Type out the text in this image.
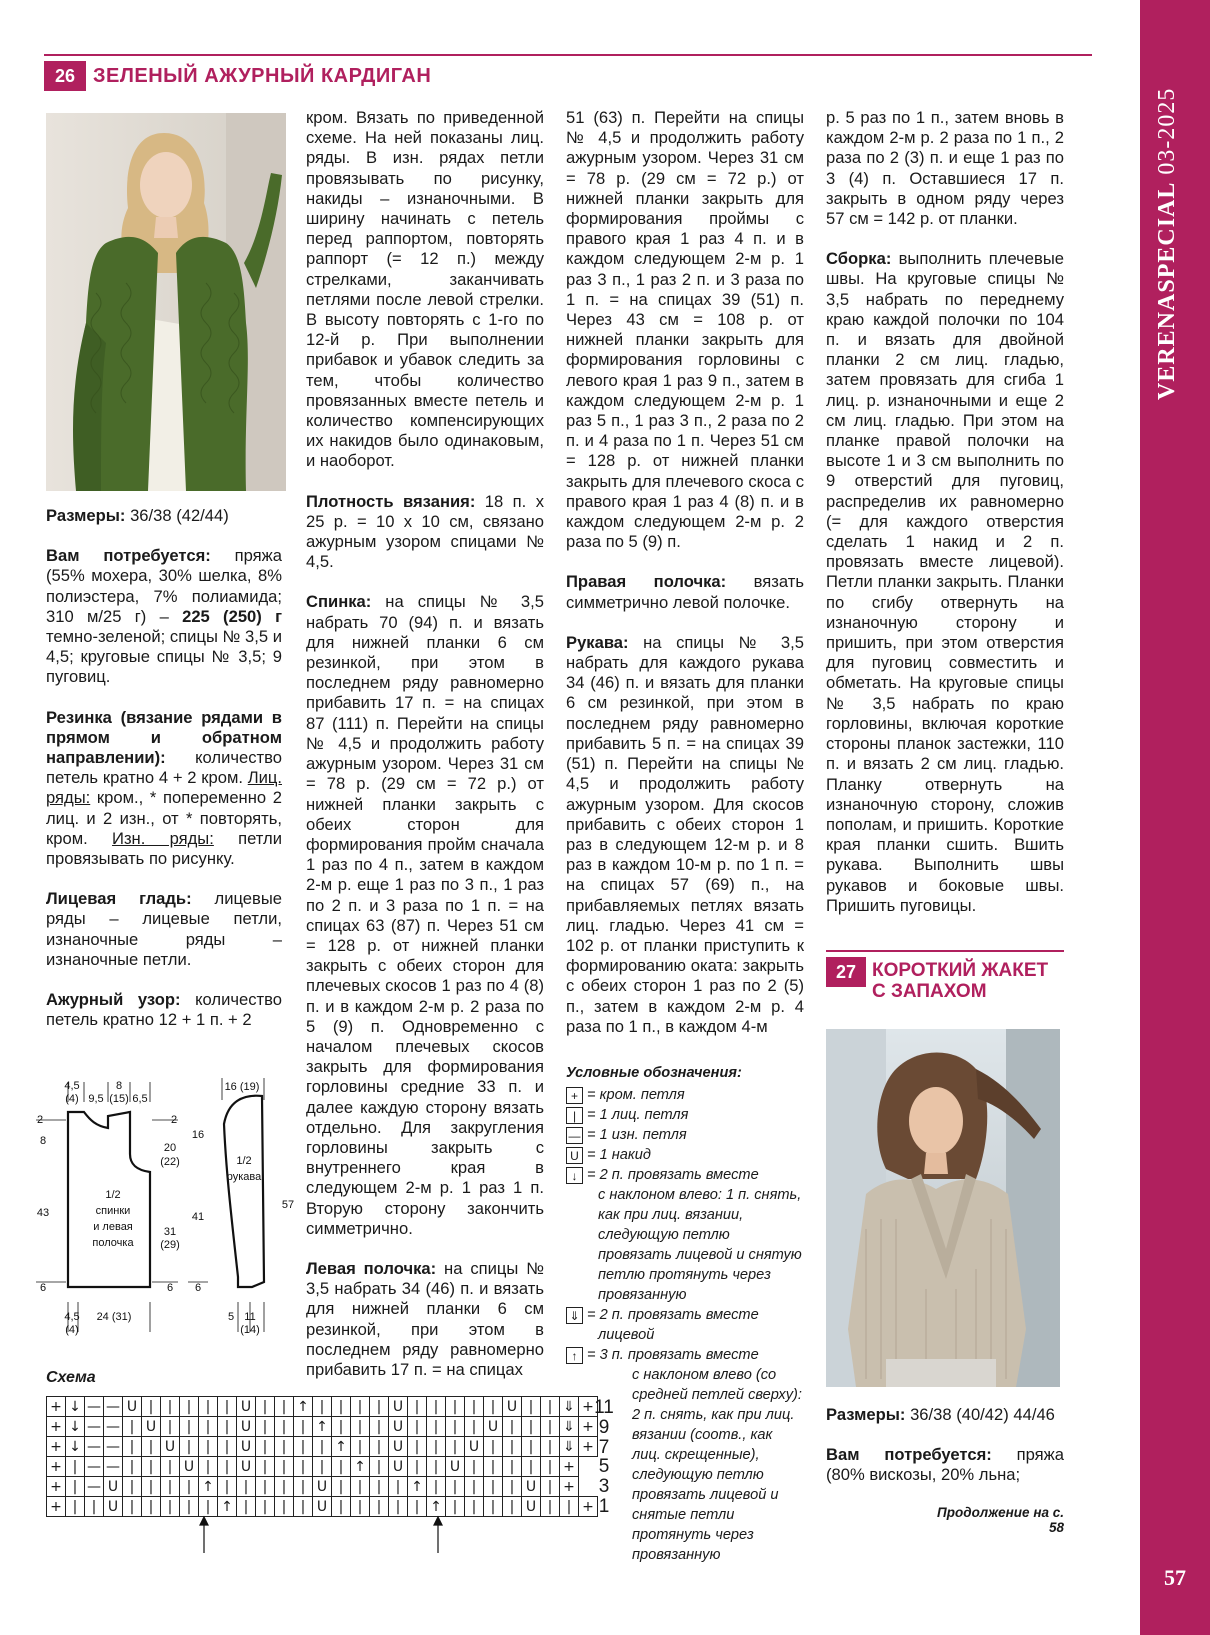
VERENASPECIAL 03-2025
57
26 ЗЕЛЕНЫЙ АЖУРНЫЙ КАРДИГАН

Размеры: 36/38 (42/44)

Вам потребуется: пряжа (55% мохера, 30% шелка, 8% полиэстера, 7% полиамида; 310 м/25 г) – 225 (250) г темно-зеленой; спицы № 3,5 и 4,5; круговые спицы № 3,5; 9 пуговиц.

Резинка (вязание рядами в прямом и обратном направлении): количество петель кратно 4 + 2 кром. Лиц. ряды: кром., * попеременно 2 лиц. и 2 изн., от * повторять, кром. Изн. ряды: петли провязывать по рисунку.

Лицевая гладь: лицевые ряды – лицевые петли, изнаночные ряды – изнаночные петли.

Ажурный узор: количество петель кратно 12 + 1 п. + 2

кром. Вязать по приведенной схеме. На ней показаны лиц. ряды. В изн. рядах петли провязывать по рисунку, накиды – изнаночными. В ширину начинать с петель перед раппортом, повторять раппорт (= 12 п.) между стрелками, заканчивать петлями после левой стрелки. В высоту повторять с 1-го по 12-й р. При выполнении прибавок и убавок следить за тем, чтобы количество провязанных вместе петель и количество компенсирующих их накидов было одинаковым, и наоборот.

Плотность вязания: 18 п. х 25 р. = 10 х 10 см, связано ажурным узором спицами № 4,5.

Спинка: на спицы № 3,5 набрать 70 (94) п. и вязать для нижней планки 6 см резинкой, при этом в последнем ряду равномерно прибавить 17 п. = на спицах 87 (111) п. Перейти на спицы № 4,5 и продолжить работу ажурным узором. Через 31 см = 78 р. (29 см = 72 р.) от нижней планки закрыть с обеих сторон для формирования пройм сначала 1 раз по 4 п., затем в каждом 2-м р. еще 1 раз по 3 п., 1 раз по 2 п. и 3 раза по 1 п. = на спицах 63 (87) п. Через 51 см = 128 р. от нижней планки закрыть с обеих сторон для плечевых скосов 1 раз по 4 (8) п. и в каждом 2-м р. 2 раза по 5 (9) п. Одновременно с началом плечевых скосов закрыть для формирования горловины средние 33 п. и далее каждую сторону вязать отдельно. Для закругления горловины закрыть с внутреннего края в следующем 2-м р. 1 раз 1 п. Вторую сторону закончить симметрично.

Левая полочка: на спицы № 3,5 набрать 34 (46) п. и вязать для нижней планки 6 см резинкой, при этом в последнем ряду равномерно прибавить 17 п. = на спицах

51 (63) п. Перейти на спицы № 4,5 и продолжить работу ажурным узором. Через 31 см = 78 р. (29 см = 72 р.) от нижней планки закрыть для формирования проймы с правого края 1 раз 4 п. и в каждом следующем 2-м р. 1 раз 3 п., 1 раз 2 п. и 3 раза по 1 п. = на спицах 39 (51) п. Через 43 см = 108 р. от нижней планки закрыть для формирования горловины с левого края 1 раз 9 п., затем в каждом следующем 2-м р. 1 раз 5 п., 1 раз 3 п., 2 раза по 2 п. и 4 раза по 1 п. Через 51 см = 128 р. от нижней планки закрыть для плечевого скоса с правого края 1 раз 4 (8) п. и в каждом следующем 2-м р. 2 раза по 5 (9) п.

Правая полочка: вязать симметрично левой полочке.

Рукава: на спицы № 3,5 набрать для каждого рукава 34 (46) п. и вязать для планки 6 см резинкой, при этом в последнем ряду равномерно прибавить 5 п. = на спицах 39 (51) п. Перейти на спицы № 4,5 и продолжить работу ажурным узором. Для скосов прибавить с обеих сторон 1 раз в следующем 12-м р. и 8 раз в каждом 10-м р. по 1 п. = на спицах 57 (69) п., на прибавляемых петлях вязать лиц. гладью. Через 41 см = 102 р. от планки приступить к формированию оката: закрыть с обеих сторон 1 раз по 2 (5) п., затем в каждом 2-м р. 4 раза по 1 п., в каждом 4-м

р. 5 раз по 1 п., затем вновь в каждом 2-м р. 2 раза по 1 п., 2 раза по 2 (3) п. и еще 1 раз по 3 (4) п. Оставшиеся 17 п. закрыть в одном ряду через 57 см = 142 р. от планки.

Сборка: выполнить плечевые швы. На круговые спицы № 3,5 набрать по переднему краю каждой полочки по 104 п. и вязать для двойной планки 2 см лиц. гладью, затем провязать для сгиба 1 лиц. р. изнаночными и еще 2 см лиц. гладью. При этом на планке правой полочки на высоте 1 и 3 см выполнить по 9 отверстий для пуговиц, распределив их равномерно (= для каждого отверстия сделать 1 накид и 2 п. провязать вместе лицевой). Петли планки закрыть. Планки по сгибу отвернуть на изнаночную сторону и пришить, при этом отверстия для пуговиц совместить и обметать. На круговые спицы № 3,5 набрать по краю горловины, включая короткие стороны планок застежки, 110 п. и вязать 2 см лиц. гладью. Планку отвернуть на изнаночную сторону, сложив пополам, и пришить. Короткие края планки сшить. Вшить рукава. Выполнить швы рукавов и боковые швы. Пришить пуговицы.

4,5
(4) 9,5
8
(15) 6,5
2	2
8
20
(22)
43
31
(29)
6	6
4,5
(4)
24 (31)
1/2
спинки
и левая
полочка
16 (19)
16
41
57
6
5 11
(14)
1/2
рукава
Условные обозначения:
+ = кром. петля
| = 1 лиц. петля
— = 1 изн. петля
U = 1 накид
↓ = 2 п. провязать вместе
с наклоном влево: 1 п. снять, как при лиц. вязании, следующую петлю провязать лицевой и снятую петлю протянуть через провязанную
⇓ = 2 п. провязать вместе
лицевой
↑ = 3 п. провязать вместе
с наклоном влево (со средней петлей сверху): 2 п. снять, как при лиц. вязании (соотв., как лиц. скрещенные), следующую петлю провязать лицевой и снятые петли протянуть через провязанную
Схема
+	↓	—	—	U	|	|	|	|	|	U	|	|	↑	|	|	|	|	U	|	|	|	|	|	U	|	|	⇓	+
+	↓	—	—	|	U	|	|	|	|	U	|	|	|	↑	|	|	|	U	|	|	|	|	U	|	|	|	⇓	+
+	↓	—	—	|	|	U	|	|	|	U	|	|	|	|	↑	|	|	U	|	|	|	U	|	|	|	|	⇓	+
+	|	—	—	|	|	|	U	|	|	U	|	|	|	|	|	↑	|	U	|	|	U	|	|	|	|	|	+	
+	|	—	U	|	|	|	|	↑	|	|	|	|	|	U	|	|	|	|	↑	|	|	|	|	|	U	|	+	
+	|	|	U	|	|	|	|	|	↑	|	|	|	|	U	|	|	|	|	|	↑	|	|	|	|	U	|	|	+
11
9
7
5
3
1
27 КОРОТКИЙ ЖАКЕТ
С ЗАПАХОМ

Размеры: 36/38 (40/42) 44/46

Вам потребуется: пряжа (80% вискозы, 20% льна;

Продолжение на с. 58
